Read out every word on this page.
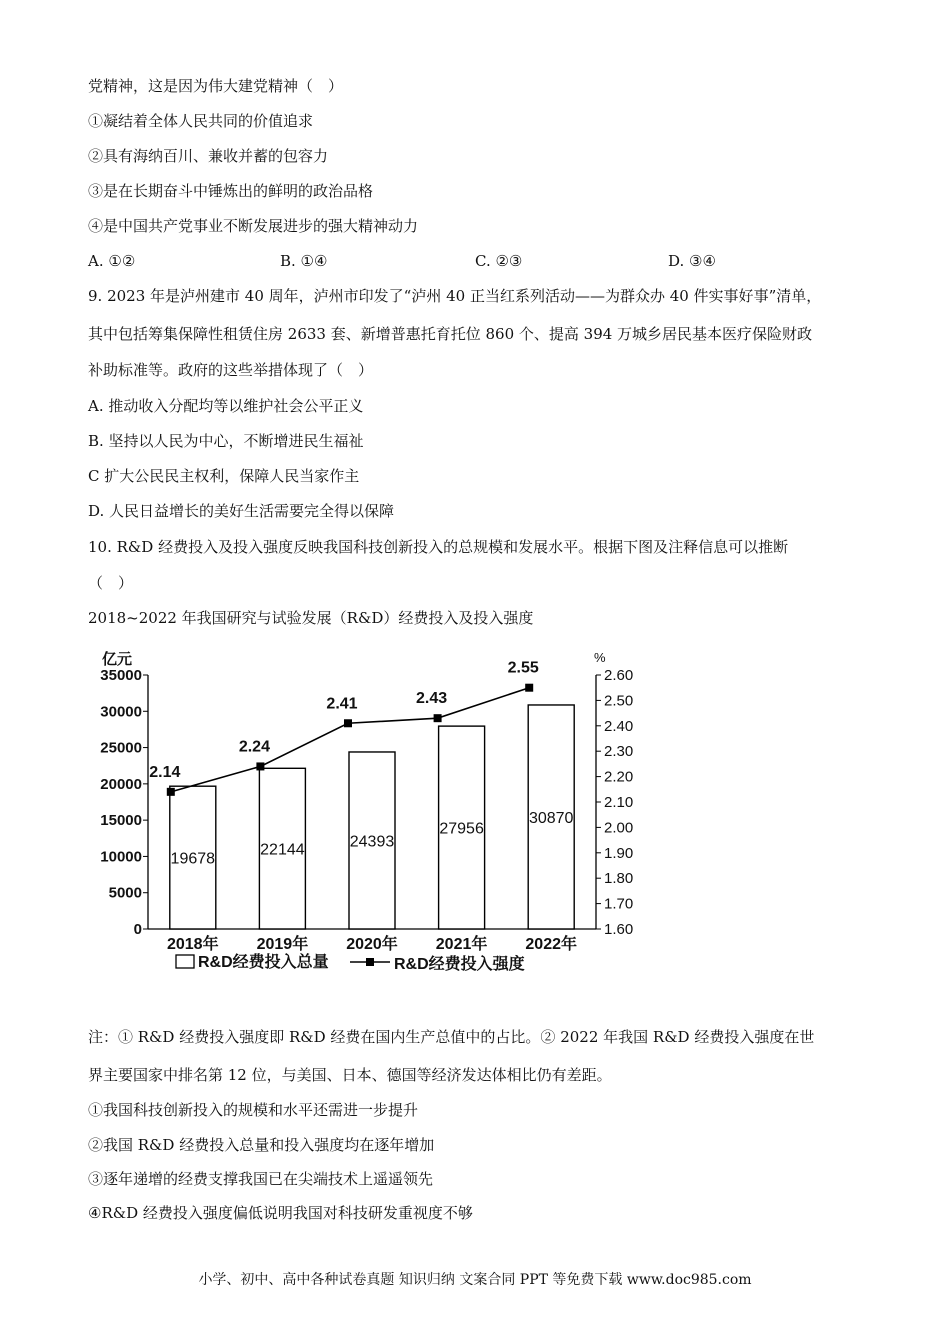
党精神，这是因为伟大建党精神（　）
①凝结着全体人民共同的价值追求
②具有海纳百川、兼收并蓄的包容力
③是在长期奋斗中锤炼出的鲜明的政治品格
④是中国共产党事业不断发展进步的强大精神动力
A. ①②	B. ①④	C. ②③	D. ③④
9. 2023 年是泸州建市 40 周年，泸州市印发了“泸州 40 正当红系列活动——为群众办 40 件实事好事”清单，
其中包括筹集保障性租赁住房 2633 套、新增普惠托育托位 860 个、提高 394 万城乡居民基本医疗保险财政
补助标准等。政府的这些举措体现了（　）
A. 推动收入分配均等以维护社会公平正义
B. 坚持以人民为中心，不断增进民生福祉
C 扩大公民民主权利，保障人民当家作主
D. 人民日益增长的美好生活需要完全得以保障
10. R&D 经费投入及投入强度反映我国科技创新投入的总规模和发展水平。根据下图及注释信息可以推断
（　）
2018~2022 年我国研究与试验发展（R&D）经费投入及投入强度
0
5000
10000
15000
20000
25000
30000
35000
1.60
1.70
1.80
1.90
2.00
2.10
2.20
2.30
2.40
2.50
2.60
亿元	%
19678
22144	24393
27956
30870
2018年 2019年 2020年 2021年 2022年
2.14
2.24
2.41	2.43
2.55
R&D经费投入总量	R&D经费投入强度
注：① R&D 经费投入强度即 R&D 经费在国内生产总值中的占比。② 2022 年我国 R&D 经费投入强度在世
界主要国家中排名第 12 位，与美国、日本、德国等经济发达体相比仍有差距。
①我国科技创新投入的规模和水平还需进一步提升
②我国 R&D 经费投入总量和投入强度均在逐年增加
③逐年递增的经费支撑我国已在尖端技术上遥遥领先
④R&D 经费投入强度偏低说明我国对科技研发重视度不够
小学、初中、高中各种试卷真题 知识归纳 文案合同 PPT 等免费下载 www.doc985.com
